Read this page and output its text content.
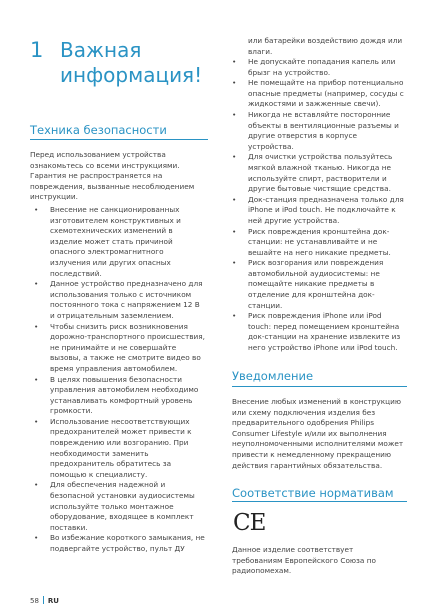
1 Важная информация!
Техника безопасности

Перед использованием устройства ознакомьтесь со всеми инструкциями. Гарантия не распространяется на повреждения, вызванные несоблюдением инструкции.

• Внесение не санкционированных изготовителем конструктивных и схемотехнических изменений в изделие может стать причиной опасного электромагнитного излучения или других опасных последствий.
• Данное устройство предназначено для использования только с источником постоянного тока с напряжением 12 В и отрицательным заземлением.
• Чтобы снизить риск возникновения дорожно-транспортного происшествия, не принимайте и не совершайте вызовы, а также не смотрите видео во время управления автомобилем.
• В целях повышения безопасности управления автомобилем необходимо устанавливать комфортный уровень громкости.
• Использование несоответствующих предохранителей может привести к повреждению или возгоранию. При необходимости заменить предохранитель обратитесь за помощью к специалисту.
• Для обеспечения надежной и безопасной установки аудиосистемы используйте только монтажное оборудование, входящее в комплект поставки.
• Во избежание короткого замыкания, не подвергайте устройство, пульт ДУ

или батарейки воздействию дождя или влаги.

• Не допускайте попадания капель или брызг на устройство.
• Не помещайте на прибор потенциально опасные предметы (например, сосуды с жидкостями и зажженные свечи).
• Никогда не вставляйте посторонние объекты в вентиляционные разъемы и другие отверстия в корпусе устройства.
• Для очистки устройства пользуйтесь мягкой влажной тканью. Никогда не используйте спирт, растворители и другие бытовые чистящие средства.
• Док-станция предназначена только для iPhone и iPod touch. Не подключайте к ней другие устройства.
• Риск повреждения кронштейна док-станции: не устанавливайте и не вешайте на него никакие предметы.
• Риск возгорания или повреждения автомобильной аудиосистемы: не помещайте никакие предметы в отделение для кронштейна док-станции.
• Риск повреждения iPhone или iPod touch: перед помещением кронштейна док-станции на хранение извлеките из него устройство iPhone или iPod touch.
Уведомление

Внесение любых изменений в конструкцию или схему подключения изделия без предварительного одобрения Philips Consumer Lifestyle и/или их выполнения неуполномоченными исполнителями может привести к немедленному прекращению действия гарантийных обязательства.

Соответствие нормативам
CE

Данное изделие соответствует требованиям Европейского Союза по радиопомехам.

58 RU
